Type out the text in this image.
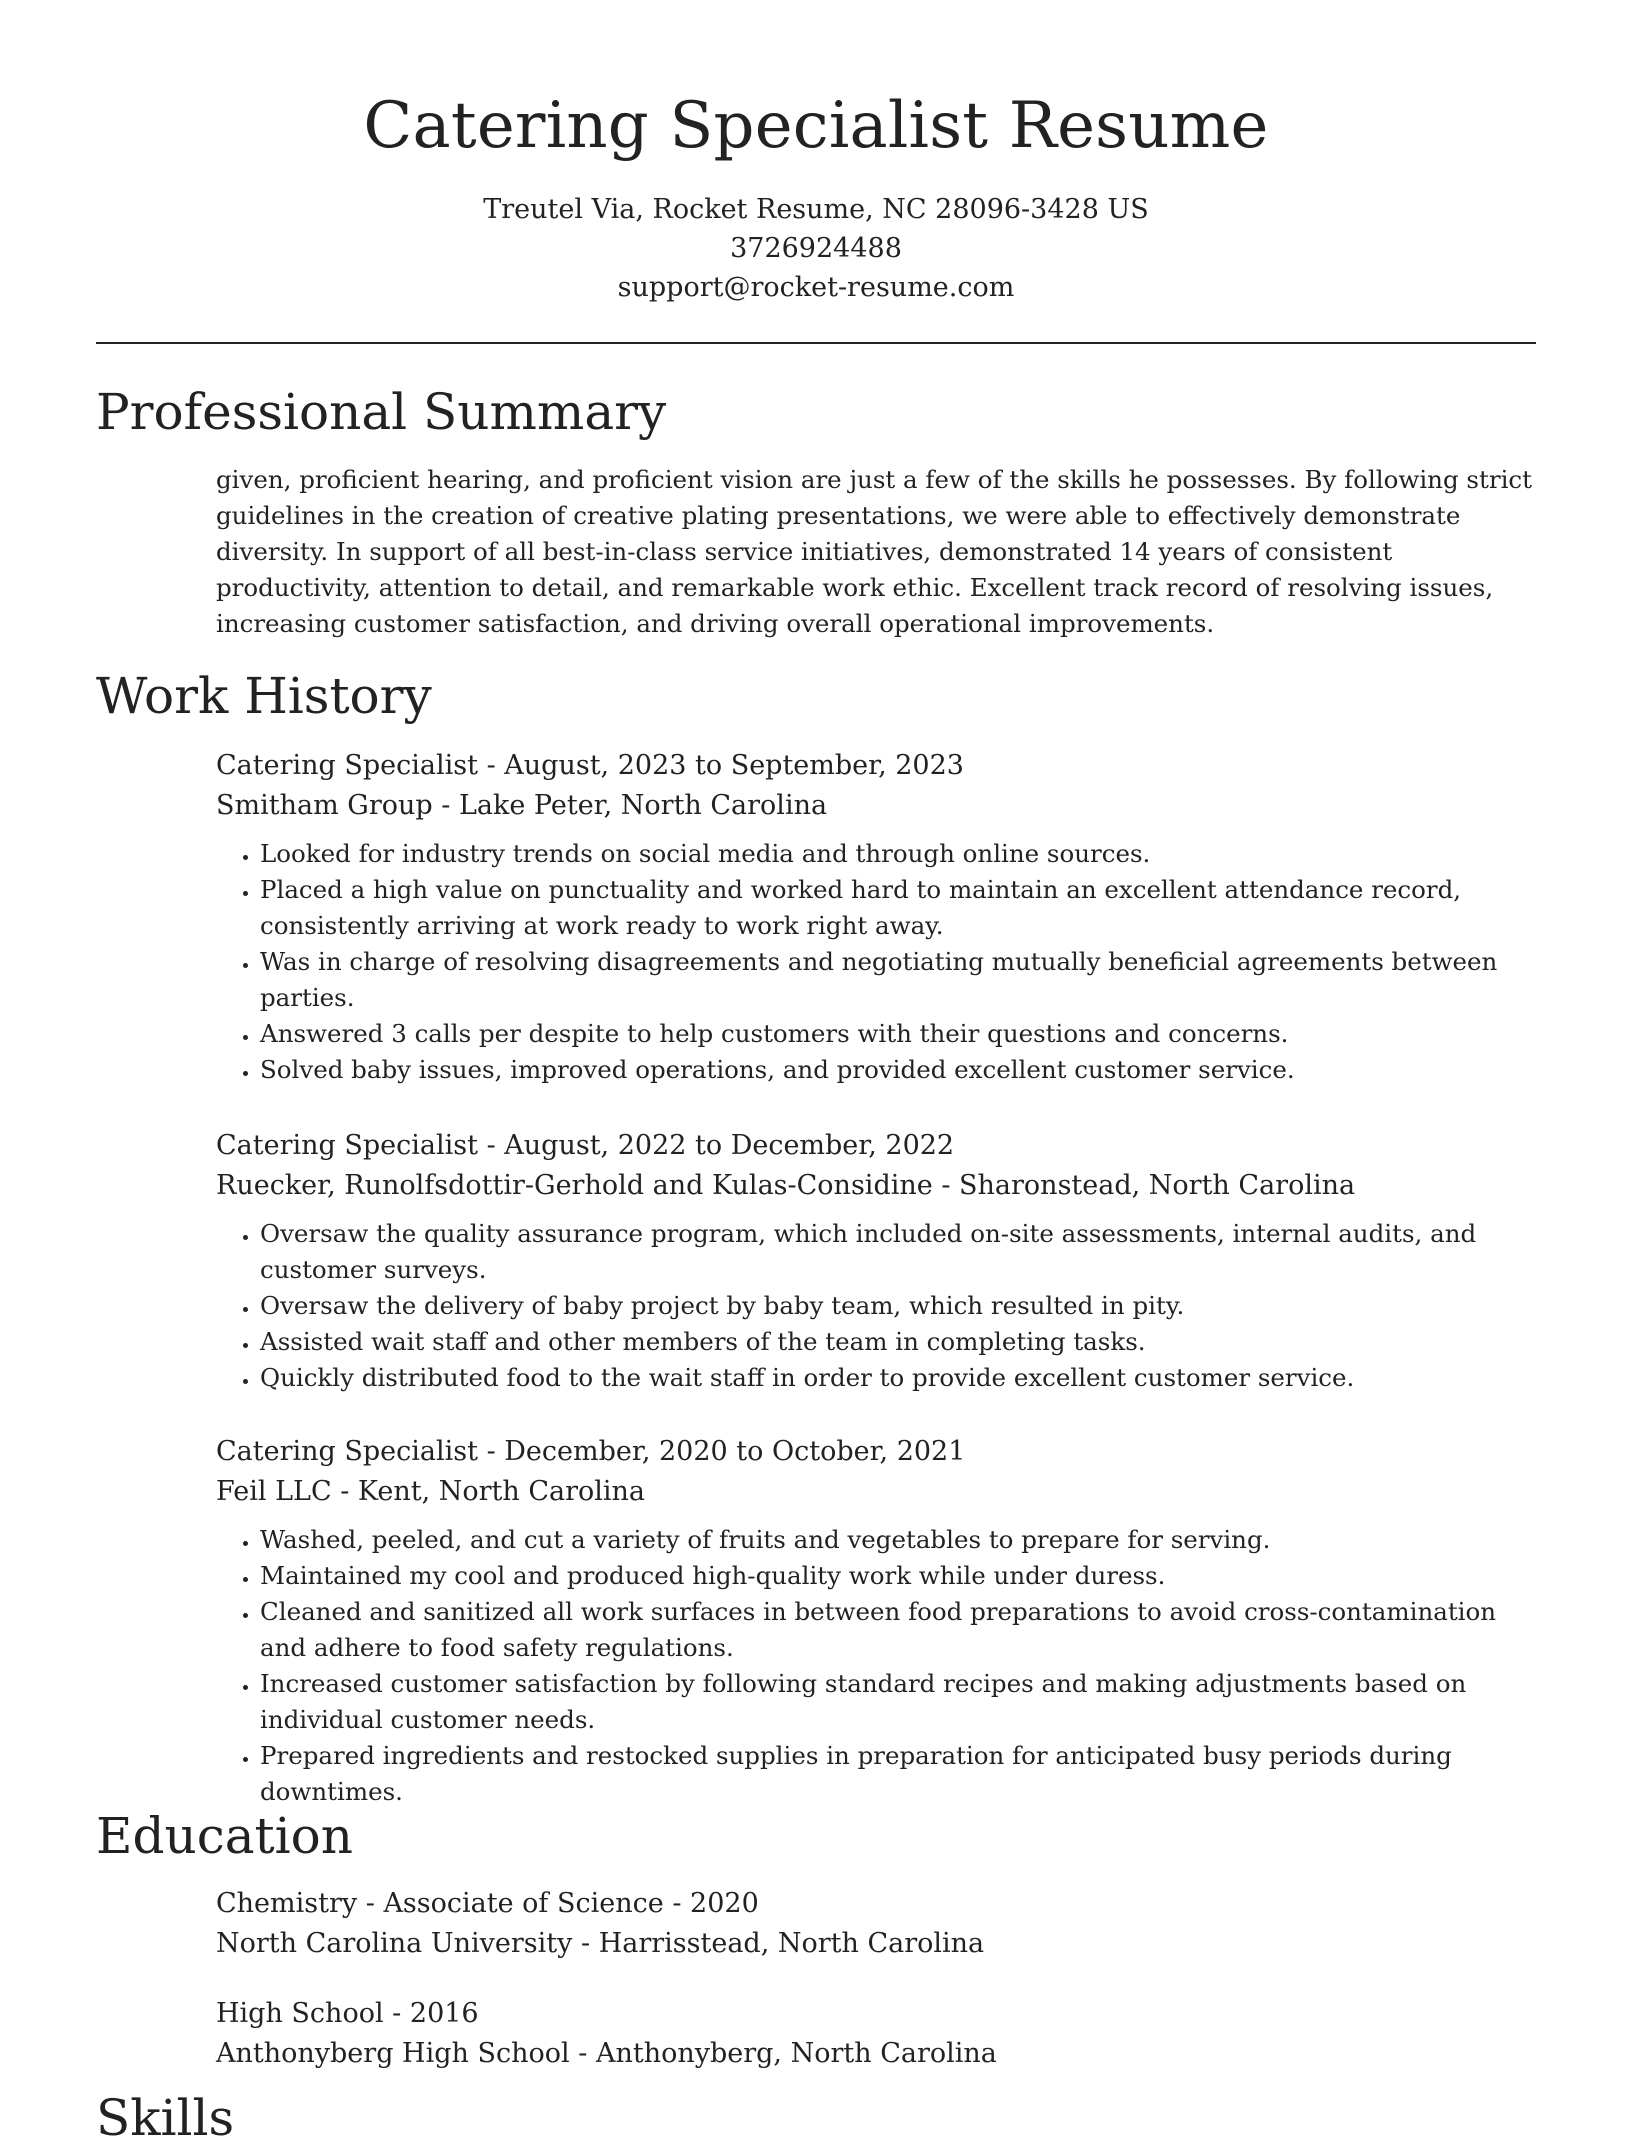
Catering Specialist Resume
Treutel Via, Rocket Resume, NC 28096-3428 US
3726924488
support@rocket-resume.com
Professional Summary
given, proficient hearing, and proficient vision are just a few of the skills he possesses. By following strict guidelines in the creation of creative plating presentations, we were able to effectively demonstrate diversity. In support of all best-in-class service initiatives, demonstrated 14 years of consistent productivity, attention to detail, and remarkable work ethic. Excellent track record of resolving issues, increasing customer satisfaction, and driving overall operational improvements.
Work History
Catering Specialist - August, 2023 to September, 2023
Smitham Group - Lake Peter, North Carolina
• Looked for industry trends on social media and through online sources.
• Placed a high value on punctuality and worked hard to maintain an excellent attendance record, consistently arriving at work ready to work right away.
• Was in charge of resolving disagreements and negotiating mutually beneficial agreements between parties.
• Answered 3 calls per despite to help customers with their questions and concerns.
• Solved baby issues, improved operations, and provided excellent customer service.
Catering Specialist - August, 2022 to December, 2022
Ruecker, Runolfsdottir-Gerhold and Kulas-Considine - Sharonstead, North Carolina
• Oversaw the quality assurance program, which included on-site assessments, internal audits, and customer surveys.
• Oversaw the delivery of baby project by baby team, which resulted in pity.
• Assisted wait staff and other members of the team in completing tasks.
• Quickly distributed food to the wait staff in order to provide excellent customer service.
Catering Specialist - December, 2020 to October, 2021
Feil LLC - Kent, North Carolina
• Washed, peeled, and cut a variety of fruits and vegetables to prepare for serving.
• Maintained my cool and produced high-quality work while under duress.
• Cleaned and sanitized all work surfaces in between food preparations to avoid cross-contamination and adhere to food safety regulations.
• Increased customer satisfaction by following standard recipes and making adjustments based on individual customer needs.
• Prepared ingredients and restocked supplies in preparation for anticipated busy periods during downtimes.
Education
Chemistry - Associate of Science - 2020
North Carolina University - Harrisstead, North Carolina
High School - 2016
Anthonyberg High School - Anthonyberg, North Carolina
Skills
